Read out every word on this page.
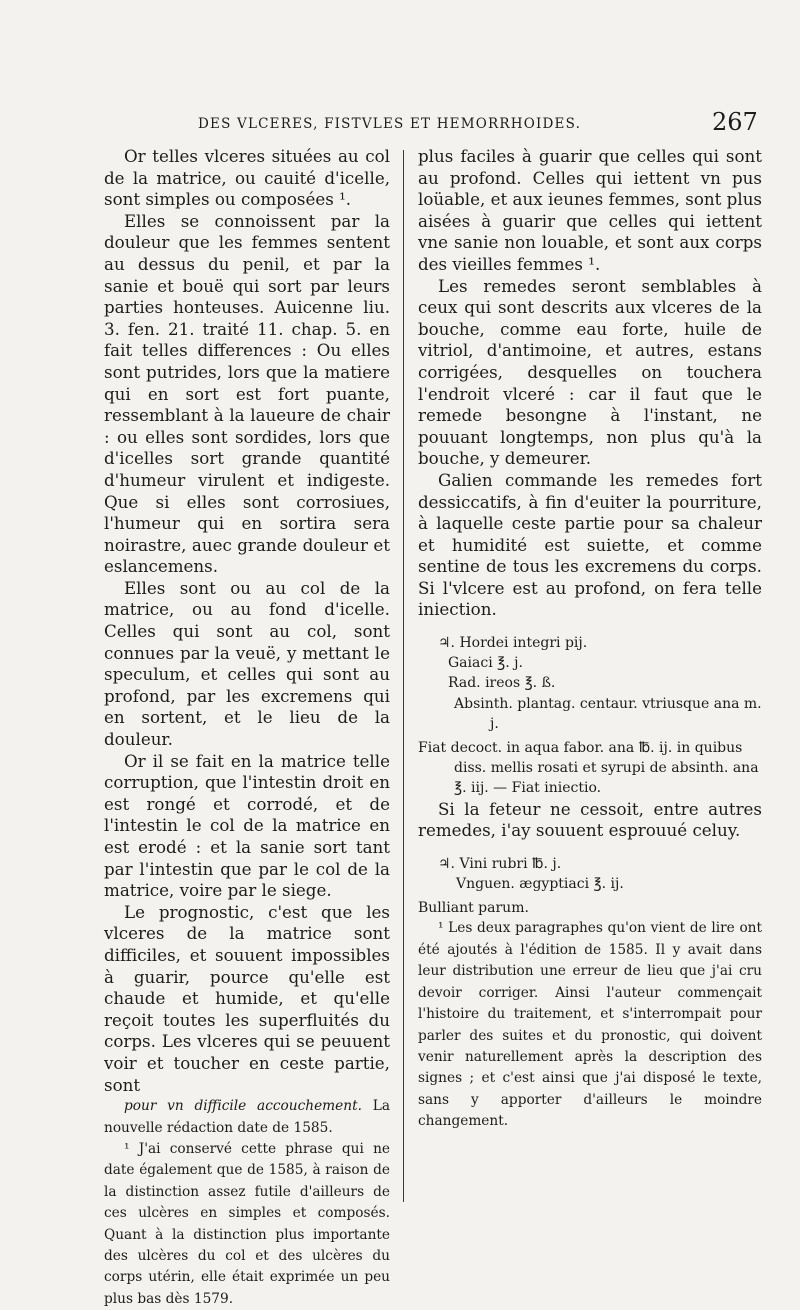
DES VLCERES, FISTVLES ET HEMORRHOIDES.	267

Or telles vlceres situées au col de la matrice, ou cauité d'icelle, sont simples ou composées ¹.

Elles se connoissent par la douleur que les femmes sentent au dessus du penil, et par la sanie et bouë qui sort par leurs parties honteuses. Auicenne liu. 3. fen. 21. traité 11. chap. 5. en fait telles differences : Ou elles sont putrides, lors que la matiere qui en sort est fort puante, ressemblant à la laueure de chair : ou elles sont sordides, lors que d'icelles sort grande quantité d'humeur virulent et indigeste. Que si elles sont corrosiues, l'humeur qui en sortira sera noirastre, auec grande douleur et eslancemens.

Elles sont ou au col de la matrice, ou au fond d'icelle. Celles qui sont au col, sont connues par la veuë, y mettant le speculum, et celles qui sont au profond, par les excremens qui en sortent, et le lieu de la douleur.

Or il se fait en la matrice telle corruption, que l'intestin droit en est rongé et corrodé, et de l'intestin le col de la matrice en est erodé : et la sanie sort tant par l'intestin que par le col de la matrice, voire par le siege.

Le prognostic, c'est que les vlceres de la matrice sont difficiles, et souuent impossibles à guarir, pource qu'elle est chaude et humide, et qu'elle reçoit toutes les superfluités du corps. Les vlceres qui se peuuent voir et toucher en ceste partie, sont

pour vn difficile accouchement. La nouvelle rédaction date de 1585.

¹ J'ai conservé cette phrase qui ne date également que de 1585, à raison de la distinction assez futile d'ailleurs de ces ulcères en simples et composés. Quant à la distinction plus importante des ulcères du col et des ulcères du corps utérin, elle était exprimée un peu plus bas dès 1579.

plus faciles à guarir que celles qui sont au profond. Celles qui iettent vn pus loüable, et aux ieunes femmes, sont plus aisées à guarir que celles qui iettent vne sanie non louable, et sont aux corps des vieilles femmes ¹.

Les remedes seront semblables à ceux qui sont descrits aux vlceres de la bouche, comme eau forte, huile de vitriol, d'antimoine, et autres, estans corrigées, desquelles on touchera l'endroit vlceré : car il faut que le remede besongne à l'instant, ne pouuant longtemps, non plus qu'à la bouche, y demeurer.

Galien commande les remedes fort dessiccatifs, à fin d'euiter la pourriture, à laquelle ceste partie pour sa chaleur et humidité est suiette, et comme sentine de tous les excremens du corps. Si l'vlcere est au profond, on fera telle iniection.

♃. Hordei integri pij.
Gaiaci ℥. j.
Rad. ireos ℥. ß.
Absinth. plantag. centaur. vtriusque ana m. j.
Fiat decoct. in aqua fabor. ana ℔. ij. in quibus diss. mellis rosati et syrupi de absinth. ana ℥. iij. — Fiat iniectio.

Si la feteur ne cessoit, entre autres remedes, i'ay souuent esprouué celuy.

♃. Vini rubri ℔. j.
Vnguen. ægyptiaci ℥. ij.
Bulliant parum.

¹ Les deux paragraphes qu'on vient de lire ont été ajoutés à l'édition de 1585. Il y avait dans leur distribution une erreur de lieu que j'ai cru devoir corriger. Ainsi l'auteur commençait l'histoire du traitement, et s'interrompait pour parler des suites et du pronostic, qui doivent venir naturellement après la description des signes ; et c'est ainsi que j'ai disposé le texte, sans y apporter d'ailleurs le moindre changement.
